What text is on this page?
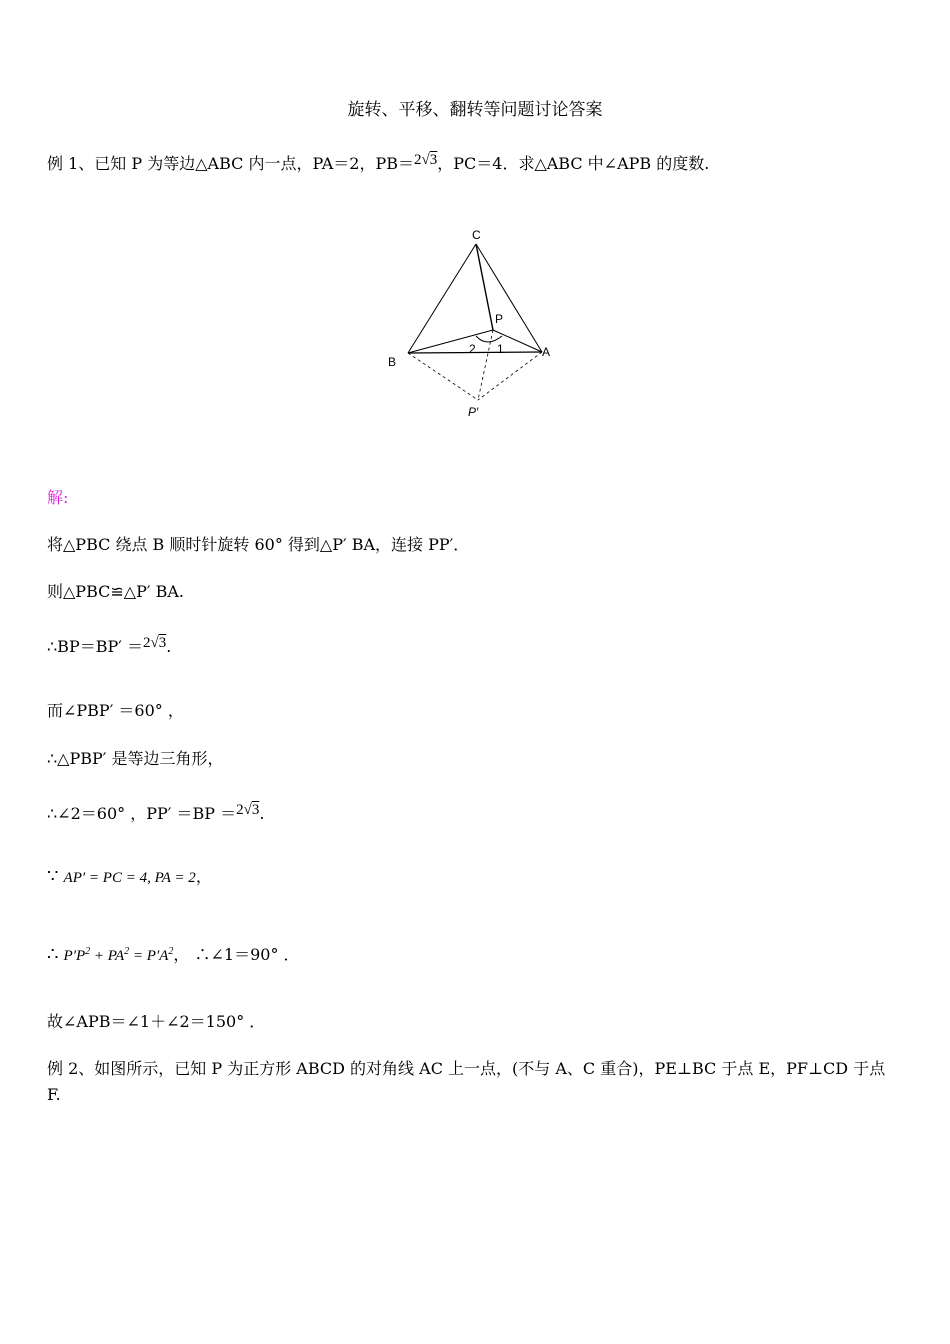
旋转、平移、翻转等问题讨论答案
例 1、已知 P 为等边△ABC 内一点，PA＝2，PB＝2√3，PC＝4．求△ABC 中∠APB 的度数.
C
P
B
A
2 1
P′
解:
将△PBC 绕点 B 顺时针旋转 60° 得到△P′ BA，连接 PP′．
则△PBC≌△P′ BA.
∴BP＝BP′ ＝2√3.
而∠PBP′ ＝60° ，
∴△PBP′ 是等边三角形，
∴∠2＝60° ，PP′ ＝BP ＝2√3.
∵ AP′ = PC = 4, PA = 2，
∴ $P'P^2 + PA^2 = P'A^2$， ∴∠1＝90° ．
故∠APB＝∠1＋∠2＝150° ．
例 2、如图所示，已知 P 为正方形 ABCD 的对角线 AC 上一点，(不与 A、C 重合)，PE⊥BC 于点 E，PF⊥CD 于点
F.
